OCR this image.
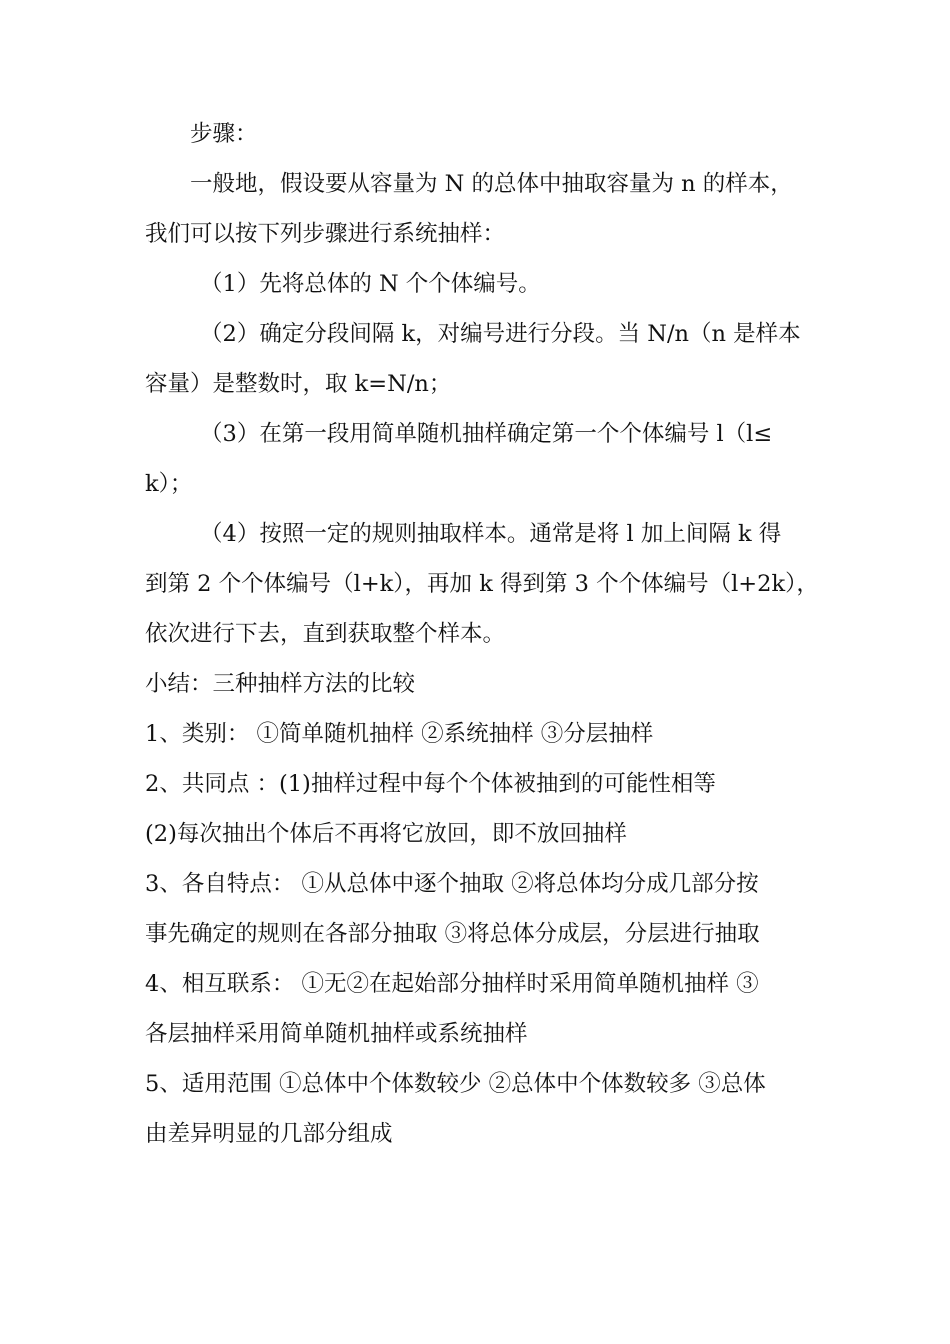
步骤：

一般地，假设要从容量为 N 的总体中抽取容量为 n 的样本，

我们可以按下列步骤进行系统抽样：

（1）先将总体的 N 个个体编号。

（2）确定分段间隔 k，对编号进行分段。当 N/n（n 是样本

容量）是整数时，取 k=N/n；

（3）在第一段用简单随机抽样确定第一个个体编号 l（l≤

k）；

（4）按照一定的规则抽取样本。通常是将 l 加上间隔 k 得

到第 2 个个体编号（l+k），再加 k 得到第 3 个个体编号（l+2k），

依次进行下去，直到获取整个样本。

小结：三种抽样方法的比较

1、类别： ①简单随机抽样 ②系统抽样 ③分层抽样

2、共同点 ：(1)抽样过程中每个个体被抽到的可能性相等

(2)每次抽出个体后不再将它放回，即不放回抽样

3、各自特点： ①从总体中逐个抽取 ②将总体均分成几部分按

事先确定的规则在各部分抽取 ③将总体分成层，分层进行抽取

4、相互联系： ①无②在起始部分抽样时采用简单随机抽样 ③

各层抽样采用简单随机抽样或系统抽样

5、适用范围 ①总体中个体数较少 ②总体中个体数较多 ③总体

由差异明显的几部分组成
